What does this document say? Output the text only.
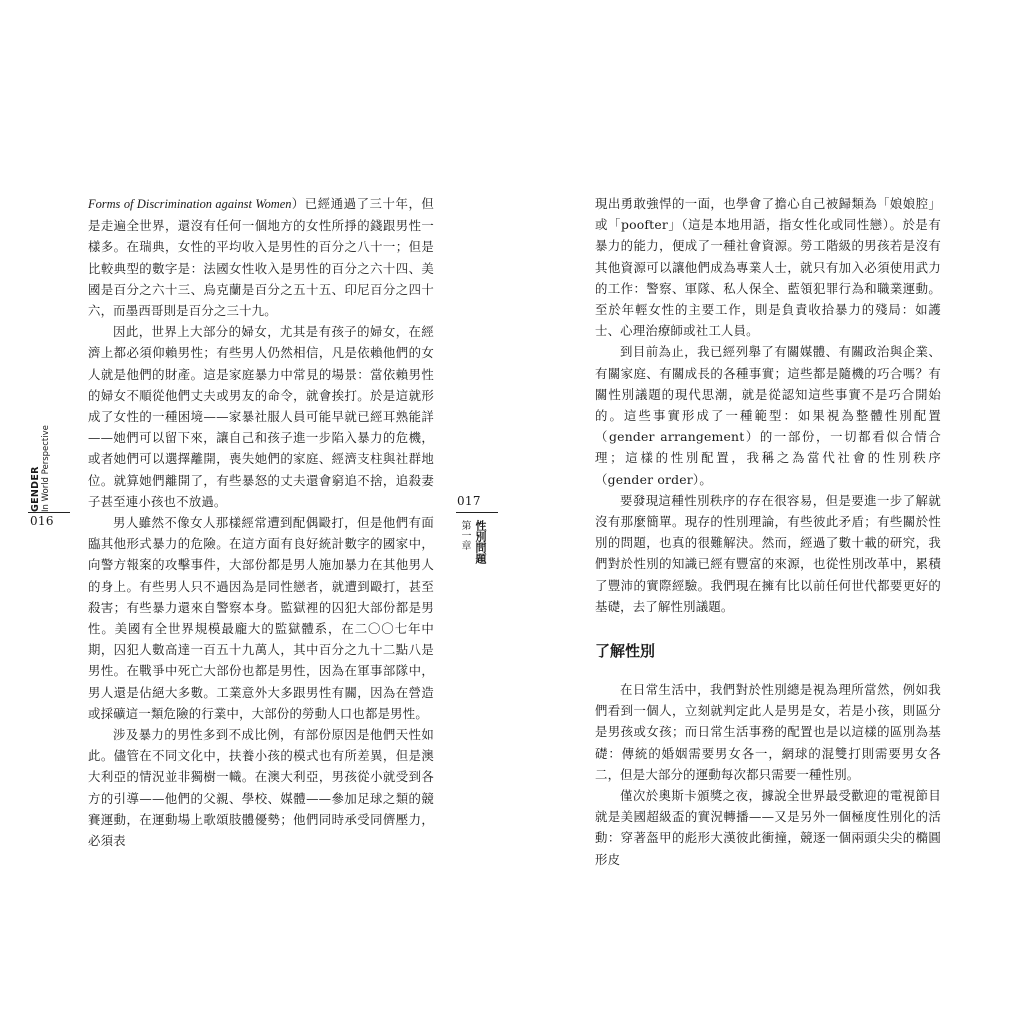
Forms of Discrimination against Women）已經通過了三十年，但是走遍全世界，還沒有任何一個地方的女性所掙的錢跟男性一樣多。在瑞典，女性的平均收入是男性的百分之八十一；但是比較典型的數字是：法國女性收入是男性的百分之六十四、美國是百分之六十三、烏克蘭是百分之五十五、印尼百分之四十六，而墨西哥則是百分之三十九。

因此，世界上大部分的婦女，尤其是有孩子的婦女，在經濟上都必須仰賴男性；有些男人仍然相信，凡是依賴他們的女人就是他們的財產。這是家庭暴力中常見的場景：當依賴男性的婦女不順從他們丈夫或男友的命令，就會挨打。於是這就形成了女性的一種困境——家暴社服人員可能早就已經耳熟能詳——她們可以留下來，讓自己和孩子進一步陷入暴力的危機，或者她們可以選擇離開，喪失她們的家庭、經濟支柱與社群地位。就算她們離開了，有些暴怒的丈夫還會窮追不捨，追殺妻子甚至連小孩也不放過。

男人雖然不像女人那樣經常遭到配偶毆打，但是他們有面臨其他形式暴力的危險。在這方面有良好統計數字的國家中，向警方報案的攻擊事件，大部份都是男人施加暴力在其他男人的身上。有些男人只不過因為是同性戀者，就遭到毆打，甚至殺害；有些暴力還來自警察本身。監獄裡的囚犯大部份都是男性。美國有全世界規模最龐大的監獄體系，在二〇〇七年中期，囚犯人數高達一百五十九萬人，其中百分之九十二點八是男性。在戰爭中死亡大部份也都是男性，因為在軍事部隊中，男人還是佔絕大多數。工業意外大多跟男性有關，因為在營造或採礦這一類危險的行業中，大部份的勞動人口也都是男性。

涉及暴力的男性多到不成比例，有部份原因是他們天性如此。儘管在不同文化中，扶養小孩的模式也有所差異，但是澳大利亞的情況並非獨樹一幟。在澳大利亞，男孩從小就受到各方的引導——他們的父親、學校、媒體——參加足球之類的競賽運動，在運動場上歌頌肢體優勢；他們同時承受同儕壓力，必須表

GENDER In World Perspective
016

現出勇敢強悍的一面，也學會了擔心自己被歸類為「娘娘腔」或「poofter」（這是本地用語，指女性化或同性戀）。於是有暴力的能力，便成了一種社會資源。勞工階級的男孩若是沒有其他資源可以讓他們成為專業人士，就只有加入必須使用武力的工作：警察、軍隊、私人保全、藍領犯罪行為和職業運動。至於年輕女性的主要工作，則是負責收拾暴力的殘局：如護士、心理治療師或社工人員。

到目前為止，我已經列舉了有關媒體、有關政治與企業、有關家庭、有關成長的各種事實；這些都是隨機的巧合嗎？有關性別議題的現代思潮，就是從認知這些事實不是巧合開始的。這些事實形成了一種範型：如果視為整體性別配置（gender arrangement）的一部份，一切都看似合情合理；這樣的性別配置，我稱之為當代社會的性別秩序（gender order）。

要發現這種性別秩序的存在很容易，但是要進一步了解就沒有那麼簡單。現存的性別理論，有些彼此矛盾；有些關於性別的問題，也真的很難解決。然而，經過了數十載的研究，我們對於性別的知識已經有豐富的來源，也從性別改革中，累積了豐沛的實際經驗。我們現在擁有比以前任何世代都要更好的基礎，去了解性別議題。

了解性別

在日常生活中，我們對於性別總是視為理所當然，例如我們看到一個人，立刻就判定此人是男是女，若是小孩，則區分是男孩或女孩；而日常生活事務的配置也是以這樣的區別為基礎：傳統的婚姻需要男女各一，網球的混雙打則需要男女各二，但是大部分的運動每次都只需要一種性別。

僅次於奧斯卡頒獎之夜，據說全世界最受歡迎的電視節目就是美國超級盃的實況轉播——又是另外一個極度性別化的活動：穿著盔甲的彪形大漢彼此衝撞，競逐一個兩頭尖尖的橢圓形皮

017
第一章 性別問題
